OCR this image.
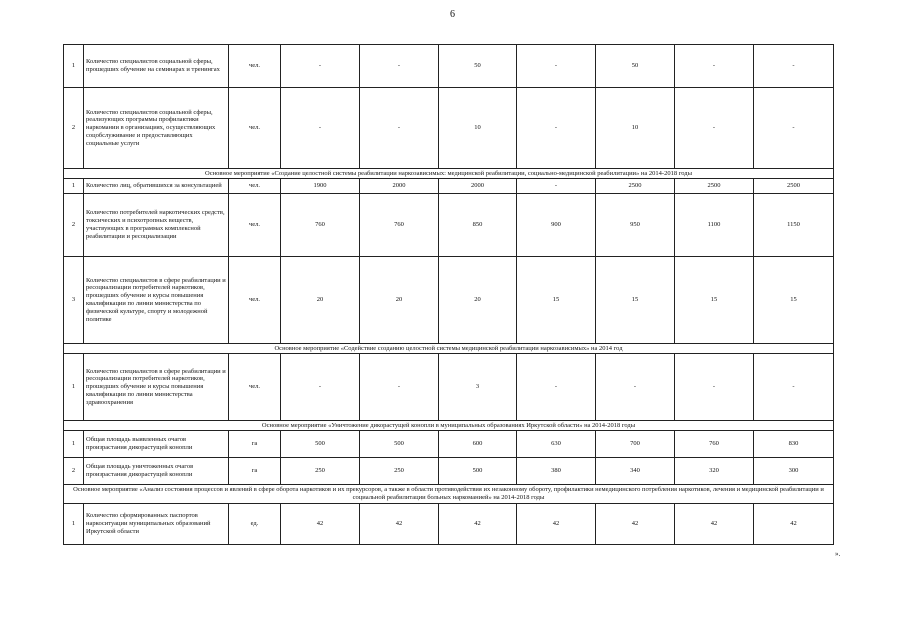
6
1	Количество специалистов социальной сферы, прошедших обучение на семинарах и тренингах	чел.	-	-	50	-	50	-	-
2	Количество специалистов социальной сферы, реализующих программы профилактики наркомании в организациях, осуществляющих соцобслуживание и предоставляющих социальные услуги	чел.	-	-	10	-	10	-	-
Основное мероприятие «Создание целостной системы реабилитации наркозависимых: медицинской реабилитации, социально-медицинской реабилитации» на 2014-2018 годы									
1	Количество лиц, обратившихся за консультацией	чел.	1900	2000	2000	-	2500	2500	2500
2	Количество потребителей наркотических средств, токсических и психотропных веществ, участвующих в программах комплексной реабилитации и ресоциализации	чел.	760	760	850	900	950	1100	1150
3	Количество специалистов в сфере реабилитации и ресоциализации потребителей наркотиков, прошедших обучение и курсы повышения квалификации по линии министерства по физической культуре, спорту и молодежной политике	чел.	20	20	20	15	15	15	15
Основное мероприятие «Содействие созданию целостной системы медицинской реабилитации наркозависимых» на 2014 год									
1	Количество специалистов в сфере реабилитации и ресоциализации потребителей наркотиков, прошедших обучение и курсы повышения квалификации по линии министерства здравоохранения	чел.	-	-	3	-	-	-	-
Основное мероприятие «Уничтожение дикорастущей конопли в муниципальных образованиях Иркутской области» на 2014-2018 годы									
1	Общая площадь выявленных очагов произрастания дикорастущей конопли	га	500	500	600	630	700	760	830
2	Общая площадь уничтоженных очагов произрастания дикорастущей конопли	га	250	250	500	380	340	320	300
Основное мероприятие «Анализ состояния процессов и явлений в сфере оборота наркотиков и их прекурсоров, а также в области противодействия их незаконному обороту, профилактики немедицинского потребления наркотиков, лечения и медицинской реабилитации и социальной реабилитации больных наркоманией» на 2014-2018 годы									
1	Количество сформированных паспортов наркоситуации муниципальных образований Иркутской области	ед.	42	42	42	42	42	42	42
».
